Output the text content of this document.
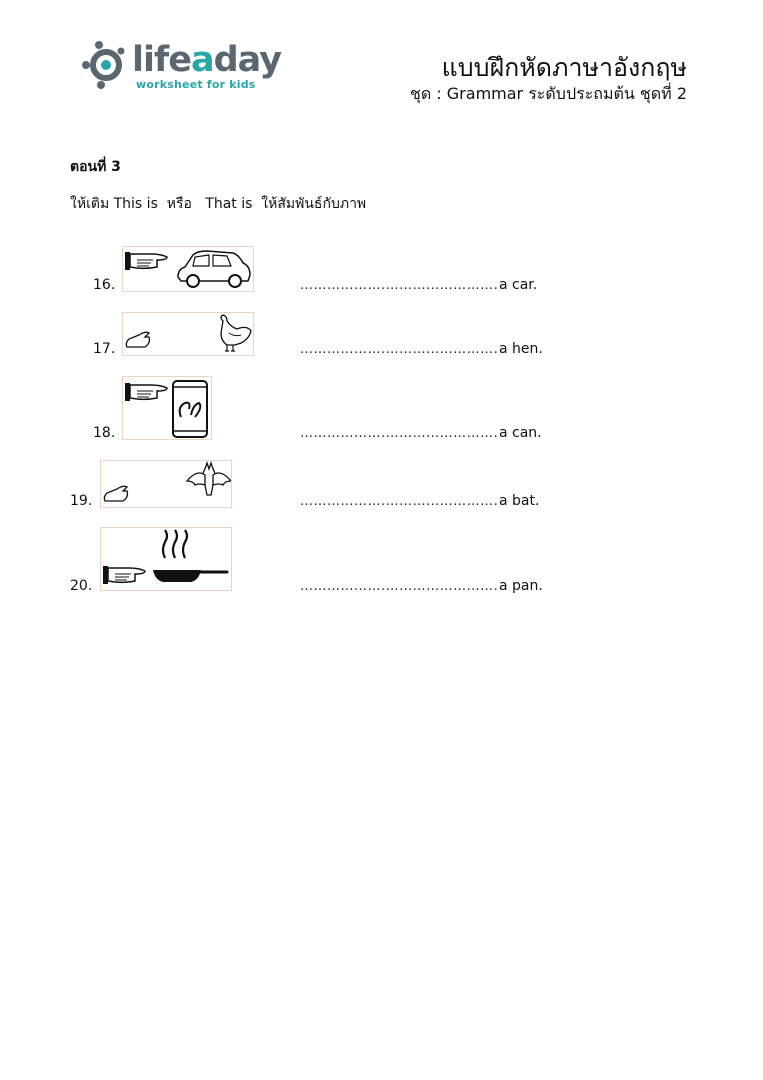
lifeaday
worksheet for kids
แบบฝึกหัดภาษาอังกฤษ
ชุด : Grammar ระดับประถมต้น ชุดที่ 2
ตอนที่ 3
ให้เติม This is  หรือ   That is  ให้สัมพันธ์กับภาพ
16.	……………….……………………. a car.
17.	……………….……………………. a hen.
18.	……………….……………………. a can.
19.	……………….……………………. a bat.
20.	……………….……………………. a pan.
